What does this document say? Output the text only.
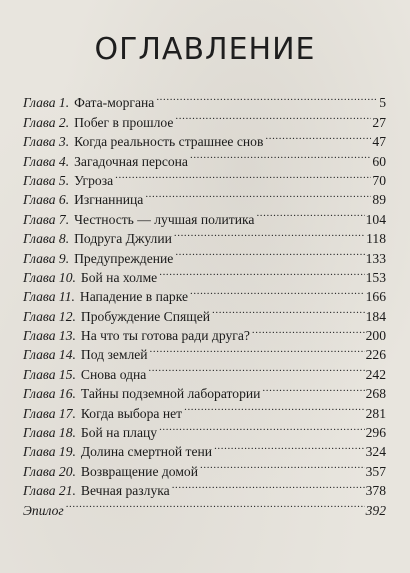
ОГЛАВЛЕНИЕ
Глава 1. Фата-моргана .....	5
Глава 2. Побег в прошлое .....	27
Глава 3. Когда реальность страшнее снов .....	47
Глава 4. Загадочная персона .....	60
Глава 5. Угроза .....	70
Глава 6. Изгнанница .....	89
Глава 7. Честность — лучшая политика .....	104
Глава 8. Подруга Джулии .....	118
Глава 9. Предупреждение .....	133
Глава 10. Бой на холме .....	153
Глава 11. Нападение в парке .....	166
Глава 12. Пробуждение Спящей .....	184
Глава 13. На что ты готова ради друга? .....	200
Глава 14. Под землей .....	226
Глава 15. Снова одна .....	242
Глава 16. Тайны подземной лаборатории .....	268
Глава 17. Когда выбора нет .....	281
Глава 18. Бой на плацу .....	296
Глава 19. Долина смертной тени .....	324
Глава 20. Возвращение домой .....	357
Глава 21. Вечная разлука .....	378
Эпилог .....	392
